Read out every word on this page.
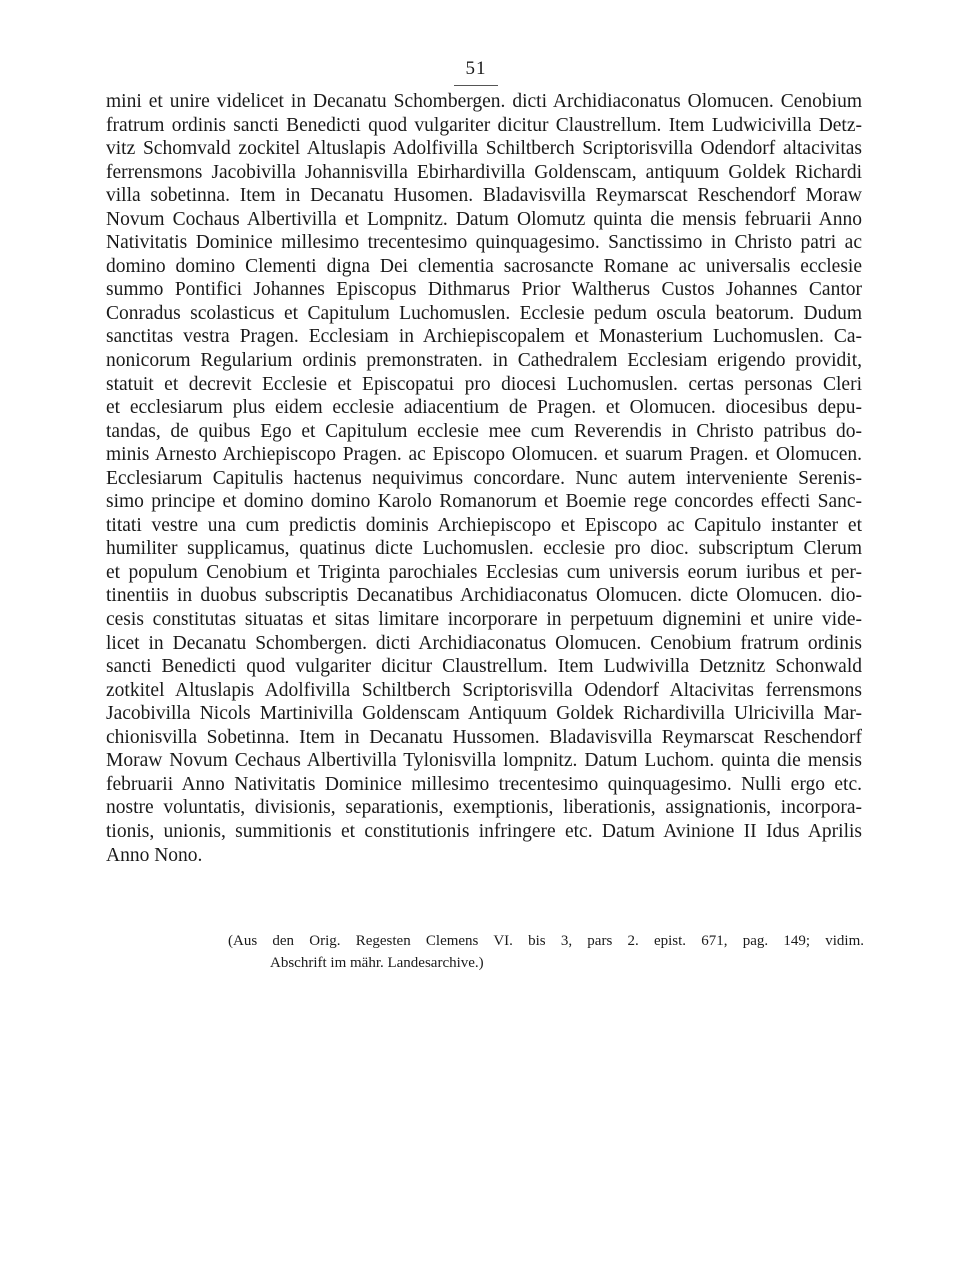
51
mini et unire videlicet in Decanatu Schombergen. dicti Archidiaconatus Olomucen. Cenobium
fratrum ordinis sancti Benedicti quod vulgariter dicitur Claustrellum. Item Ludwicivilla Detz-
vitz Schomvald zockitel Altuslapis Adolfivilla Schiltberch Scriptorisvilla Odendorf altacivitas
ferrensmons Jacobivilla Johannisvilla Ebirhardivilla Goldenscam, antiquum Goldek Richardi
villa sobetinna. Item in Decanatu Husomen. Bladavisvilla Reymarscat Reschendorf Moraw
Novum Cochaus Albertivilla et Lompnitz. Datum Olomutz quinta die mensis februarii Anno
Nativitatis Dominice millesimo trecentesimo quinquagesimo. Sanctissimo in Christo patri ac
domino domino Clementi digna Dei clementia sacrosancte Romane ac universalis ecclesie
summo Pontifici Johannes Episcopus Dithmarus Prior Waltherus Custos Johannes Cantor
Conradus scolasticus et Capitulum Luchomuslen. Ecclesie pedum oscula beatorum. Dudum
sanctitas vestra Pragen. Ecclesiam in Archiepiscopalem et Monasterium Luchomuslen. Ca-
nonicorum Regularium ordinis premonstraten. in Cathedralem Ecclesiam erigendo providit,
statuit et decrevit Ecclesie et Episcopatui pro diocesi Luchomuslen. certas personas Cleri
et ecclesiarum plus eidem ecclesie adiacentium de Pragen. et Olomucen. diocesibus depu-
tandas, de quibus Ego et Capitulum ecclesie mee cum Reverendis in Christo patribus do-
minis Arnesto Archiepiscopo Pragen. ac Episcopo Olomucen. et suarum Pragen. et Olomucen.
Ecclesiarum Capitulis hactenus nequivimus concordare. Nunc autem interveniente Serenis-
simo principe et domino domino Karolo Romanorum et Boemie rege concordes effecti Sanc-
titati vestre una cum predictis dominis Archiepiscopo et Episcopo ac Capitulo instanter et
humiliter supplicamus, quatinus dicte Luchomuslen. ecclesie pro dioc. subscriptum Clerum
et populum Cenobium et Triginta parochiales Ecclesias cum universis eorum iuribus et per-
tinentiis in duobus subscriptis Decanatibus Archidiaconatus Olomucen. dicte Olomucen. dio-
cesis constitutas situatas et sitas limitare incorporare in perpetuum dignemini et unire vide-
licet in Decanatu Schombergen. dicti Archidiaconatus Olomucen. Cenobium fratrum ordinis
sancti Benedicti quod vulgariter dicitur Claustrellum. Item Ludwivilla Detznitz Schonwald
zotkitel Altuslapis Adolfivilla Schiltberch Scriptorisvilla Odendorf Altacivitas ferrensmons
Jacobivilla Nicols Martinivilla Goldenscam Antiquum Goldek Richardivilla Ulricivilla Mar-
chionisvilla Sobetinna. Item in Decanatu Hussomen. Bladavisvilla Reymarscat Reschendorf
Moraw Novum Cechaus Albertivilla Tylonisvilla lompnitz. Datum Luchom. quinta die mensis
februarii Anno Nativitatis Dominice millesimo trecentesimo quinquagesimo. Nulli ergo etc.
nostre voluntatis, divisionis, separationis, exemptionis, liberationis, assignationis, incorpora-
tionis, unionis, summitionis et constitutionis infringere etc. Datum Avinione II Idus Aprilis
Anno Nono.
(Aus den Orig. Regesten Clemens VI. bis 3, pars 2. epist. 671, pag. 149; vidim.
Abschrift im mähr. Landesarchive.)
